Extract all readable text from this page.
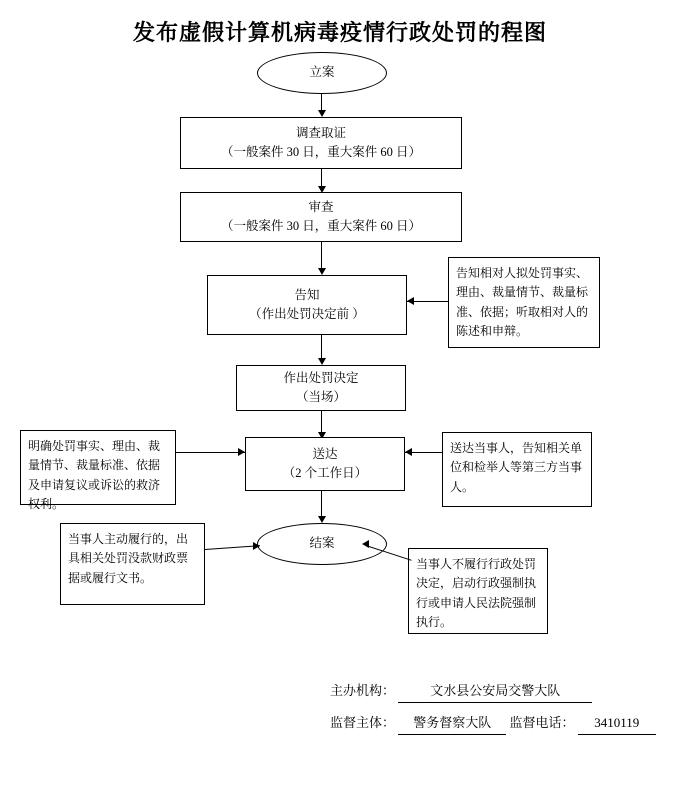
发布虚假计算机病毒疫情行政处罚的程图
立案
调查取证
（一般案件 30 日，重大案件 60 日）
审查
（一般案件 30 日，重大案件 60 日）
告知
（作出处罚决定前 ）
告知相对人拟处罚事实、理由、裁量情节、裁量标准、依据；听取相对人的陈述和申辩。
作出处罚决定
（当场）
送达
（2 个工作日）
明确处罚事实、理由、裁量情节、裁量标准、依据及申请复议或诉讼的救济权利。
送达当事人，告知相关单位和检举人等第三方当事人。
结案
当事人主动履行的，出具相关处罚没款财政票据或履行文书。
当事人不履行行政处罚决定，启动行政强制执行或申请人民法院强制执行。
主办机构：	文水县公安局交警大队
监督主体： 警务督察大队 监督电话： 3410119
